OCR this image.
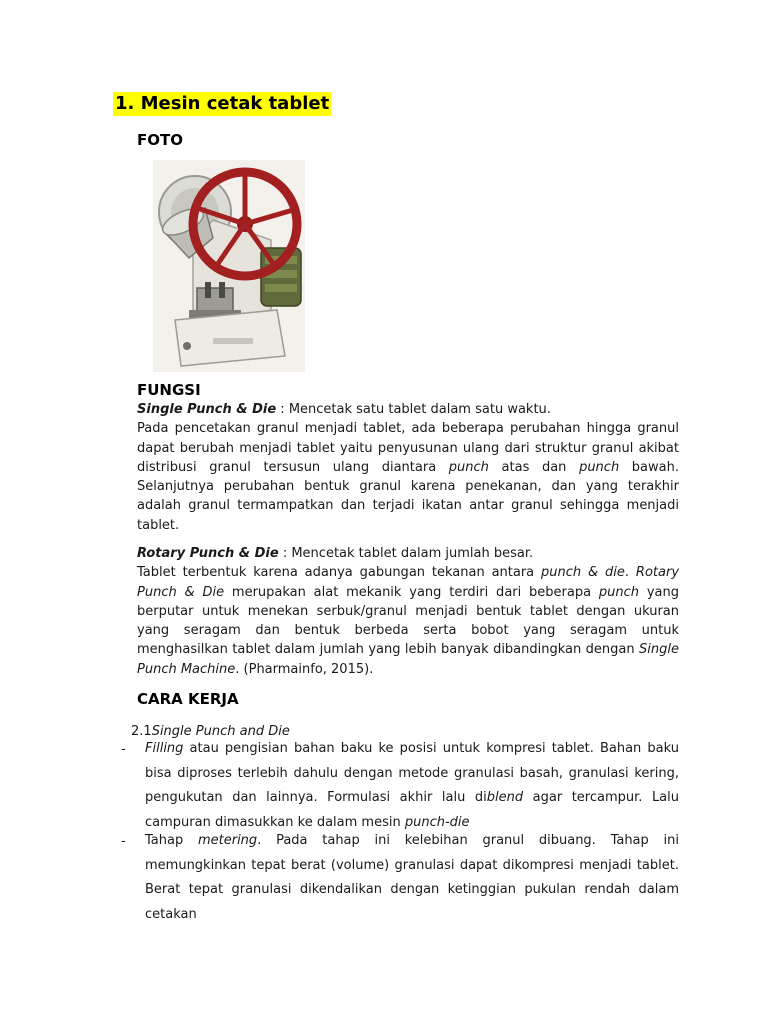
1. Mesin cetak tablet
FOTO
FUNGSI

Single Punch & Die : Mencetak satu tablet dalam satu waktu.
Pada pencetakan granul menjadi tablet, ada beberapa perubahan hingga granul dapat berubah menjadi tablet yaitu penyusunan ulang dari struktur granul akibat distribusi granul tersusun ulang diantara punch atas dan punch bawah. Selanjutnya perubahan bentuk granul karena penekanan, dan yang terakhir adalah granul termampatkan dan terjadi ikatan antar granul sehingga menjadi tablet.

Rotary Punch & Die : Mencetak tablet dalam jumlah besar.
Tablet terbentuk karena adanya gabungan tekanan antara punch & die. Rotary Punch & Die merupakan alat mekanik yang terdiri dari beberapa punch yang berputar untuk menekan serbuk/granul menjadi bentuk tablet dengan ukuran yang seragam dan bentuk berbeda serta bobot yang seragam untuk menghasilkan tablet dalam jumlah yang lebih banyak dibandingkan dengan Single Punch Machine. (Pharmainfo, 2015).

CARA KERJA
2.1Single Punch and Die
- Filling atau pengisian bahan baku ke posisi untuk kompresi tablet. Bahan baku bisa diproses terlebih dahulu dengan metode granulasi basah, granulasi kering, pengukutan dan lainnya. Formulasi akhir lalu diblend agar tercampur. Lalu campuran dimasukkan ke dalam mesin punch-die

- Tahap metering. Pada tahap ini kelebihan granul dibuang. Tahap ini memungkinkan tepat berat (volume) granulasi dapat dikompresi menjadi tablet. Berat tepat granulasi dikendalikan dengan ketinggian pukulan rendah dalam cetakan
